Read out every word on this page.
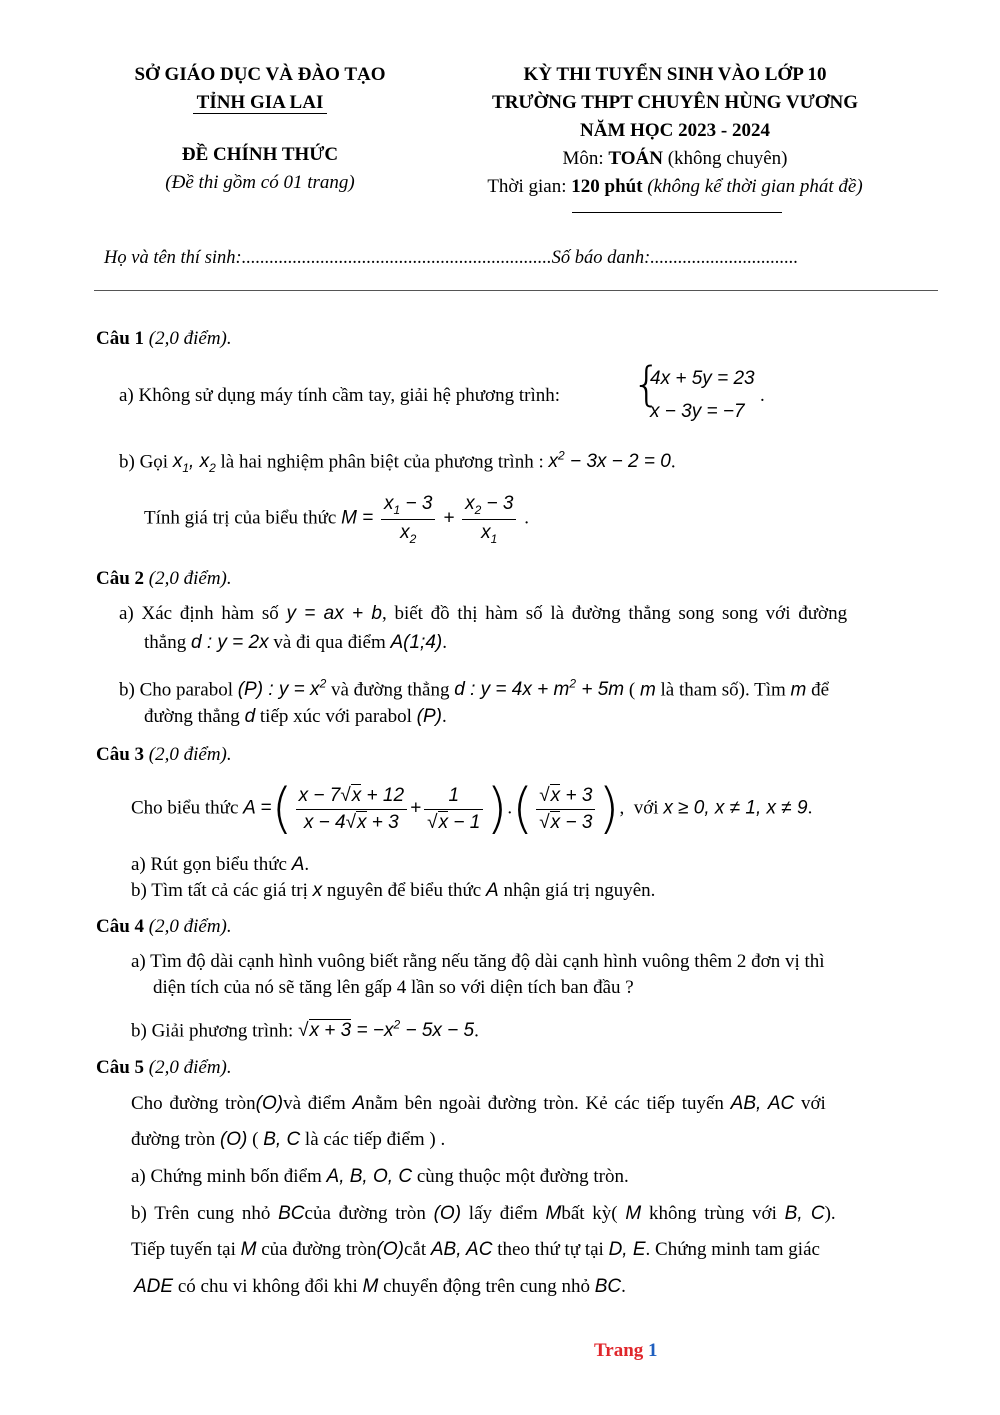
SỞ GIÁO DỤC VÀ ĐÀO TẠO
TỈNH GIA LAI
ĐỀ CHÍNH THỨC
(Đề thi gồm có 01 trang)
KỲ THI TUYỂN SINH VÀO LỚP 10
TRƯỜNG THPT CHUYÊN HÙNG VƯƠNG
NĂM HỌC 2023 - 2024
Môn: TOÁN (không chuyên)
Thời gian: 120 phút (không kể thời gian phát đề)
Họ và tên thí sinh:...................................................................Số báo danh:................................
Câu 1 (2,0 điểm).
a) Không sử dụng máy tính cầm tay, giải hệ phương trình: {
4x + 5y = 23
x − 3y = −7
.
b) Gọi $x_1$, $x_2$ là hai nghiệm phân biệt của phương trình : $x^2 - 3x - 2 = 0$.
Tính giá trị của biểu thức $M = \frac{x_1 - 3}{x_2} + \frac{x_2 - 3}{x_1}$ .
Câu 2 (2,0 điểm).
a) Xác định hàm số y = ax + b, biết đồ thị hàm số là đường thẳng song song với đường
thẳng d : y = 2x và đi qua điểm A(1;4).
b) Cho parabol (P) : $y = x^2$ và đường thẳng d : $y = 4x + m^2 + 5m$ ( m là tham số). Tìm m để
đường thẳng d tiếp xúc với parabol (P).
Câu 3 (2,0 điểm).
Cho biểu thức A =( $\frac{x - 7√x + 12}{x - 4√x + 3} + \frac{1}{√x - 1}$ ).( $\frac{√x + 3}{√x - 3}$ ),  với x ≥ 0, x ≠ 1, x ≠ 9.
a) Rút gọn biểu thức A.
b) Tìm tất cả các giá trị x nguyên để biểu thức A nhận giá trị nguyên.
Câu 4 (2,0 điểm).
a) Tìm độ dài cạnh hình vuông biết rằng nếu tăng độ dài cạnh hình vuông thêm 2 đơn vị thì
diện tích của nó sẽ tăng lên gấp 4 lần so với diện tích ban đầu ?
b) Giải phương trình: $√x + 3 = -x^2 - 5x - 5$.
Câu 5 (2,0 điểm).
Cho đường tròn(O)và điểm Anằm bên ngoài đường tròn. Kẻ các tiếp tuyến AB, AC với
đường tròn (O) ( B, C là các tiếp điểm ) .
a) Chứng minh bốn điểm A, B, O, C cùng thuộc một đường tròn.
b) Trên cung nhỏ BCcủa đường tròn (O) lấy điểm Mbất kỳ( M không trùng với B, C).
Tiếp tuyến tại M của đường tròn(O)cắt AB, AC theo thứ tự tại D, E. Chứng minh tam giác
ADE có chu vi không đổi khi M chuyển động trên cung nhỏ BC.
Trang 1
